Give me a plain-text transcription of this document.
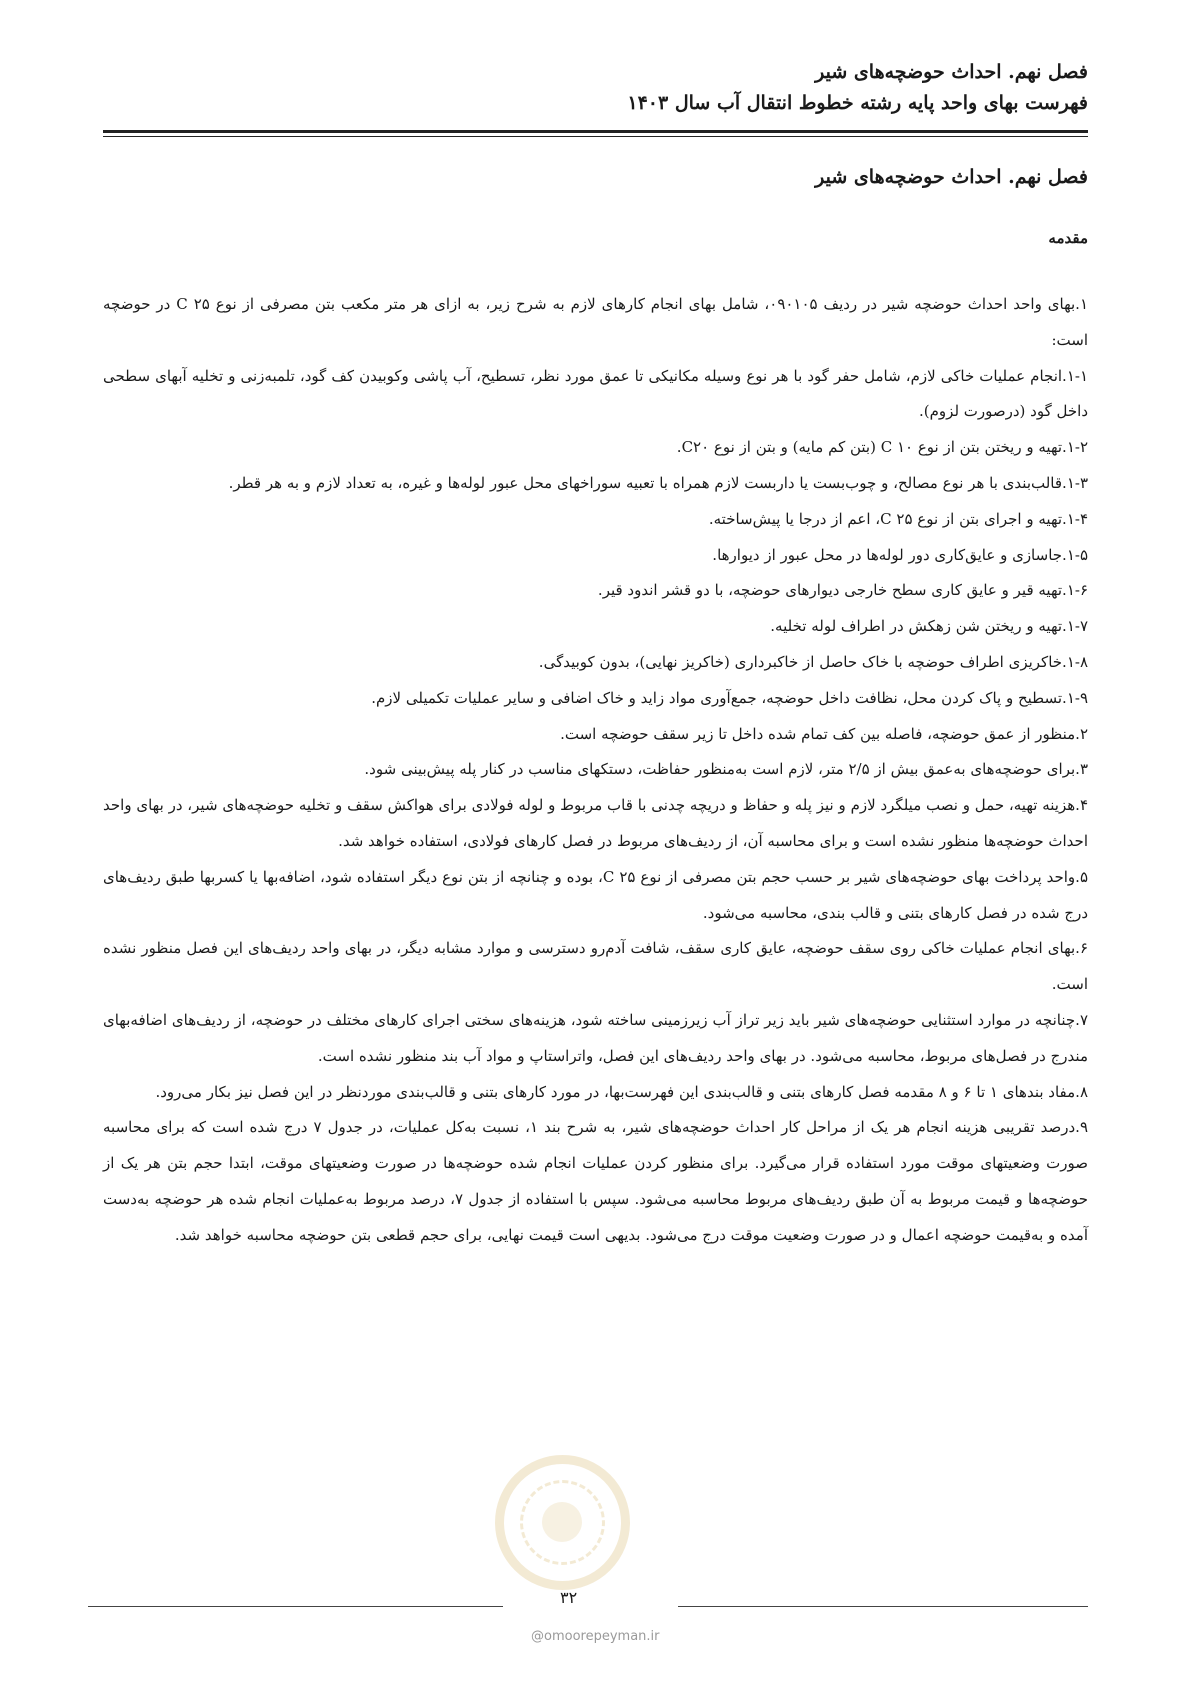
فصل نهم. احداث حوضچه‌های شیر
فهرست بهای واحد پایه رشته خطوط انتقال آب سال ۱۴۰۳
فصل نهم. احداث حوضچه‌های شیر
مقدمه

۱.بهای واحد احداث حوضچه شیر در ردیف ۰۹۰۱۰۵، شامل بهای انجام کارهای لازم به شرح زیر، به ازای هر متر مکعب بتن مصرفی از نوع C ۲۵ در حوضچه است:

۱-۱.انجام عملیات خاکی لازم، شامل حفر گود با هر نوع وسیله مکانیکی تا عمق مورد نظر، تسطیح، آب پاشی وکوبیدن کف گود، تلمبه‌زنی و تخلیه آبهای سطحی داخل گود (درصورت لزوم).

۱-۲.تهیه و ریختن بتن از نوع C ۱۰ (بتن کم مایه) و بتن از نوع C۲۰.

۱-۳.قالب‌بندی با هر نوع مصالح، و چوب‌بست یا داربست لازم همراه با تعبیه سوراخهای محل عبور لوله‌ها و غیره، به تعداد لازم و به هر قطر.

۱-۴.تهیه و اجرای بتن از نوع C ۲۵، اعم از درجا یا پیش‌ساخته.

۱-۵.جاسازی و عایق‌کاری دور لوله‌ها در محل عبور از دیوارها.

۱-۶.تهیه قیر و عایق کاری سطح خارجی دیوارهای حوضچه، با دو قشر اندود قیر.

۱-۷.تهیه و ریختن شن زهکش در اطراف لوله تخلیه.

۱-۸.خاکریزی اطراف حوضچه با خاک حاصل از خاکبرداری (خاکریز نهایی)، بدون کوبیدگی.

۱-۹.تسطیح و پاک کردن محل، نظافت داخل حوضچه، جمع‌آوری مواد زاید و خاک اضافی و سایر عملیات تکمیلی لازم.

۲.منظور از عمق حوضچه، فاصله بین کف تمام شده داخل تا زیر سقف حوضچه است.

۳.برای حوضچه‌های به‌عمق بیش از ۲/۵ متر، لازم است به‌منظور حفاظت، دستکهای مناسب در کنار پله پیش‌بینی شود.

۴.هزینه تهیه، حمل و نصب میلگرد لازم و نیز پله و حفاظ و دریچه چدنی با قاب مربوط و لوله فولادی برای هواکش سقف و تخلیه حوضچه‌های شیر، در بهای واحد احداث حوضچه‌ها منظور نشده است و برای محاسبه آن، از ردیف‌های مربوط در فصل کارهای فولادی، استفاده خواهد شد.

۵.واحد پرداخت بهای حوضچه‌های شیر بر حسب حجم بتن مصرفی از نوع C ۲۵، بوده و چنانچه از بتن نوع دیگر استفاده شود، اضافه‌بها یا کسربها طبق ردیف‌های درج شده در فصل کارهای بتنی و قالب بندی، محاسبه می‌شود.

۶.بهای انجام عملیات خاکی روی سقف حوضچه، عایق کاری سقف، شافت آدم‌رو دسترسی و موارد مشابه دیگر، در بهای واحد ردیف‌های این فصل منظور نشده است.

۷.چنانچه در موارد استثنایی حوضچه‌های شیر باید زیر تراز آب زیرزمینی ساخته شود، هزینه‌های سختی اجرای کارهای مختلف در حوضچه، از ردیف‌های اضافه‌بهای مندرج در فصل‌های مربوط، محاسبه می‌شود. در بهای واحد ردیف‌های این فصل، واتراستاپ و مواد آب بند منظور نشده است.

۸.مفاد بندهای ۱ تا ۶ و ۸ مقدمه فصل کارهای بتنی و قالب‌بندی این فهرست‌بها، در مورد کارهای بتنی و قالب‌بندی موردنظر در این فصل نیز بکار می‌رود.

۹.درصد تقریبی هزینه انجام هر یک از مراحل کار احداث حوضچه‌های شیر، به شرح بند ۱، نسبت به‌کل عملیات، در جدول ۷ درج شده است که برای محاسبه صورت وضعیتهای موقت مورد استفاده قرار می‌گیرد. برای منظور کردن عملیات انجام شده حوضچه‌ها در صورت وضعیتهای موقت، ابتدا حجم بتن هر یک از حوضچه‌ها و قیمت مربوط به آن طبق ردیف‌های مربوط محاسبه می‌شود. سپس با استفاده از جدول ۷، درصد مربوط به‌عملیات انجام شده هر حوضچه به‌دست آمده و به‌قیمت حوضچه اعمال و در صورت وضعیت موقت درج می‌شود. بدیهی است قیمت نهایی، برای حجم قطعی بتن حوضچه محاسبه خواهد شد.

۳۲
@omoorepeyman.ir
